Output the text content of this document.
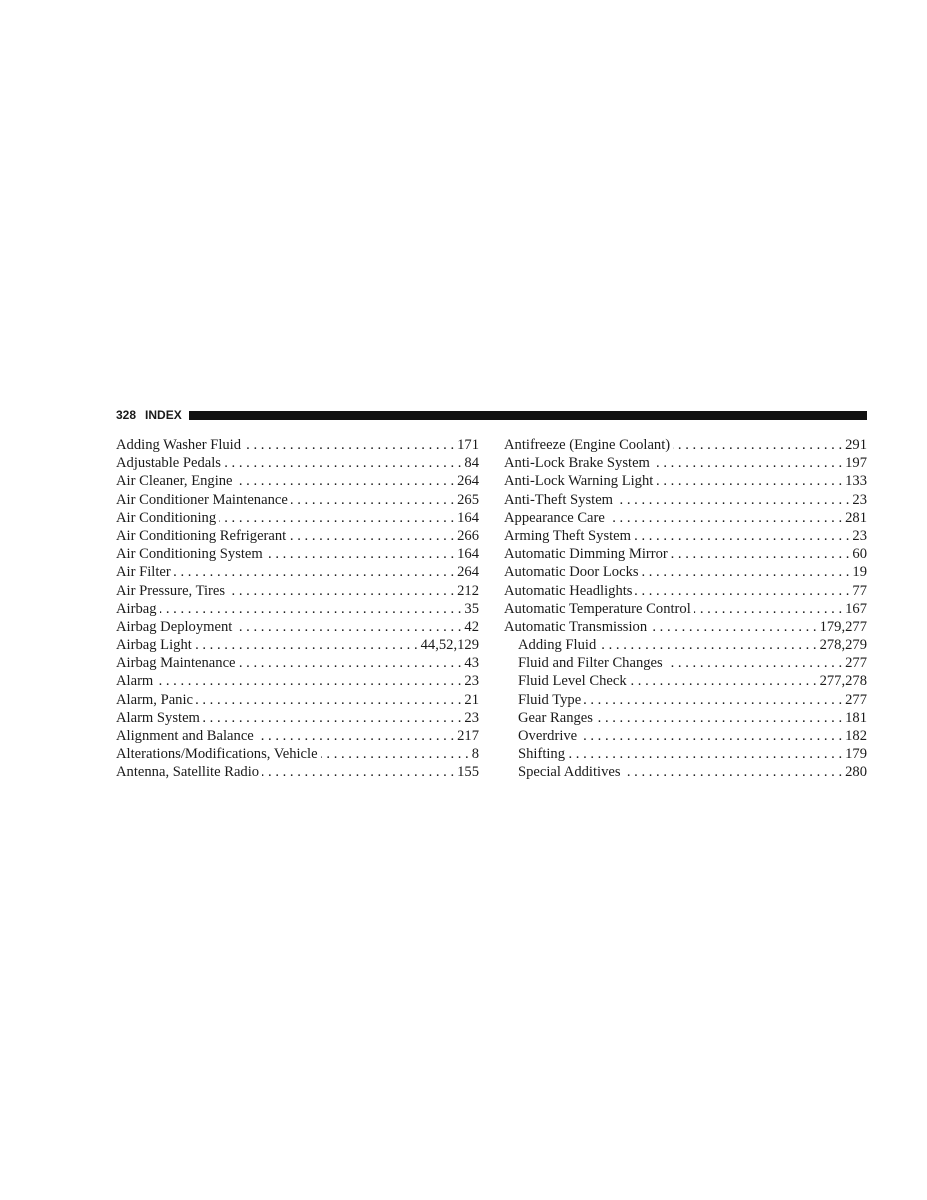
328 INDEX
Adding Washer Fluid . . .	171
Adjustable Pedals . . .	84
Air Cleaner, Engine . . .	264
Air Conditioner Maintenance . . .	265
Air Conditioning . . .	164
Air Conditioning Refrigerant . . .	266
Air Conditioning System . . .	164
Air Filter . . .	264
Air Pressure, Tires . . .	212
Airbag . . .	35
Airbag Deployment . . .	42
Airbag Light . . .	44,52,129
Airbag Maintenance . . .	43
Alarm . . .	23
Alarm, Panic . . .	21
Alarm System . . .	23
Alignment and Balance . . .	217
Alterations/Modifications, Vehicle . . .	8
Antenna, Satellite Radio . . .	155
Antifreeze (Engine Coolant) . . .	291
Anti-Lock Brake System . . .	197
Anti-Lock Warning Light . . .	133
Anti-Theft System . . .	23
Appearance Care . . .	281
Arming Theft System . . .	23
Automatic Dimming Mirror . . .	60
Automatic Door Locks . . .	19
Automatic Headlights . . .	77
Automatic Temperature Control . . .	167
Automatic Transmission . . .	179,277
Adding Fluid . . .	278,279
Fluid and Filter Changes . . .	277
Fluid Level Check . . .	277,278
Fluid Type . . .	277
Gear Ranges . . .	181
Overdrive . . .	182
Shifting . . .	179
Special Additives . . .	280
